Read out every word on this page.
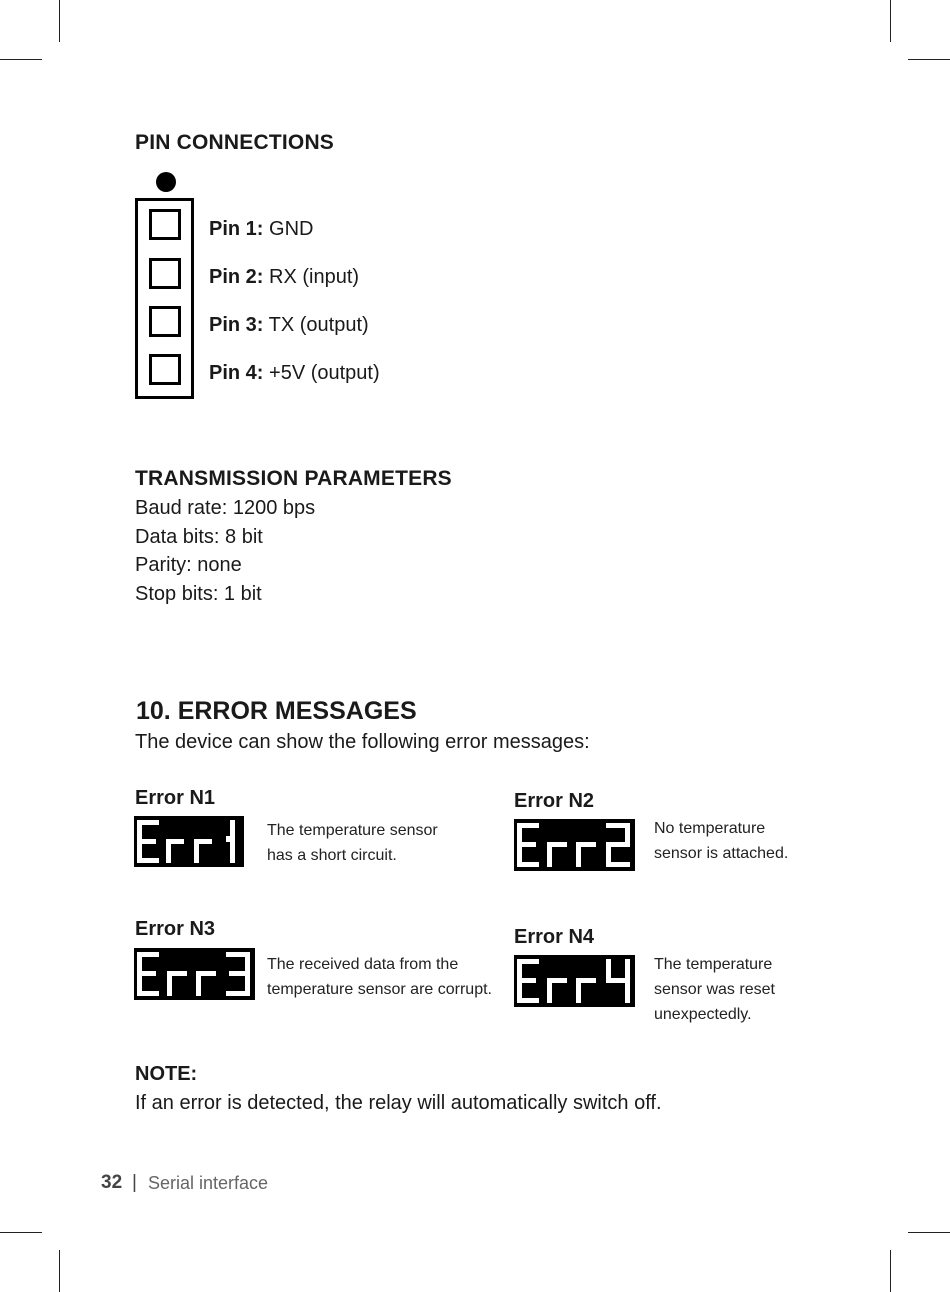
PIN CONNECTIONS
Pin 1: GND
Pin 2: RX (input)
Pin 3: TX (output)
Pin 4: +5V (output)
TRANSMISSION PARAMETERS
Baud rate: 1200 bps
Data bits: 8 bit
Parity: none
Stop bits: 1 bit
10. ERROR MESSAGES
The device can show the following error messages:
Error N1
The temperature sensor
has a short circuit.
Error N2
No temperature
sensor is attached.
Error N3
The received data from the
temperature sensor are corrupt.
Error N4
The temperature
sensor was reset
unexpectedly.
NOTE:
If an error is detected, the relay will automatically switch off.
32 | Serial interface
